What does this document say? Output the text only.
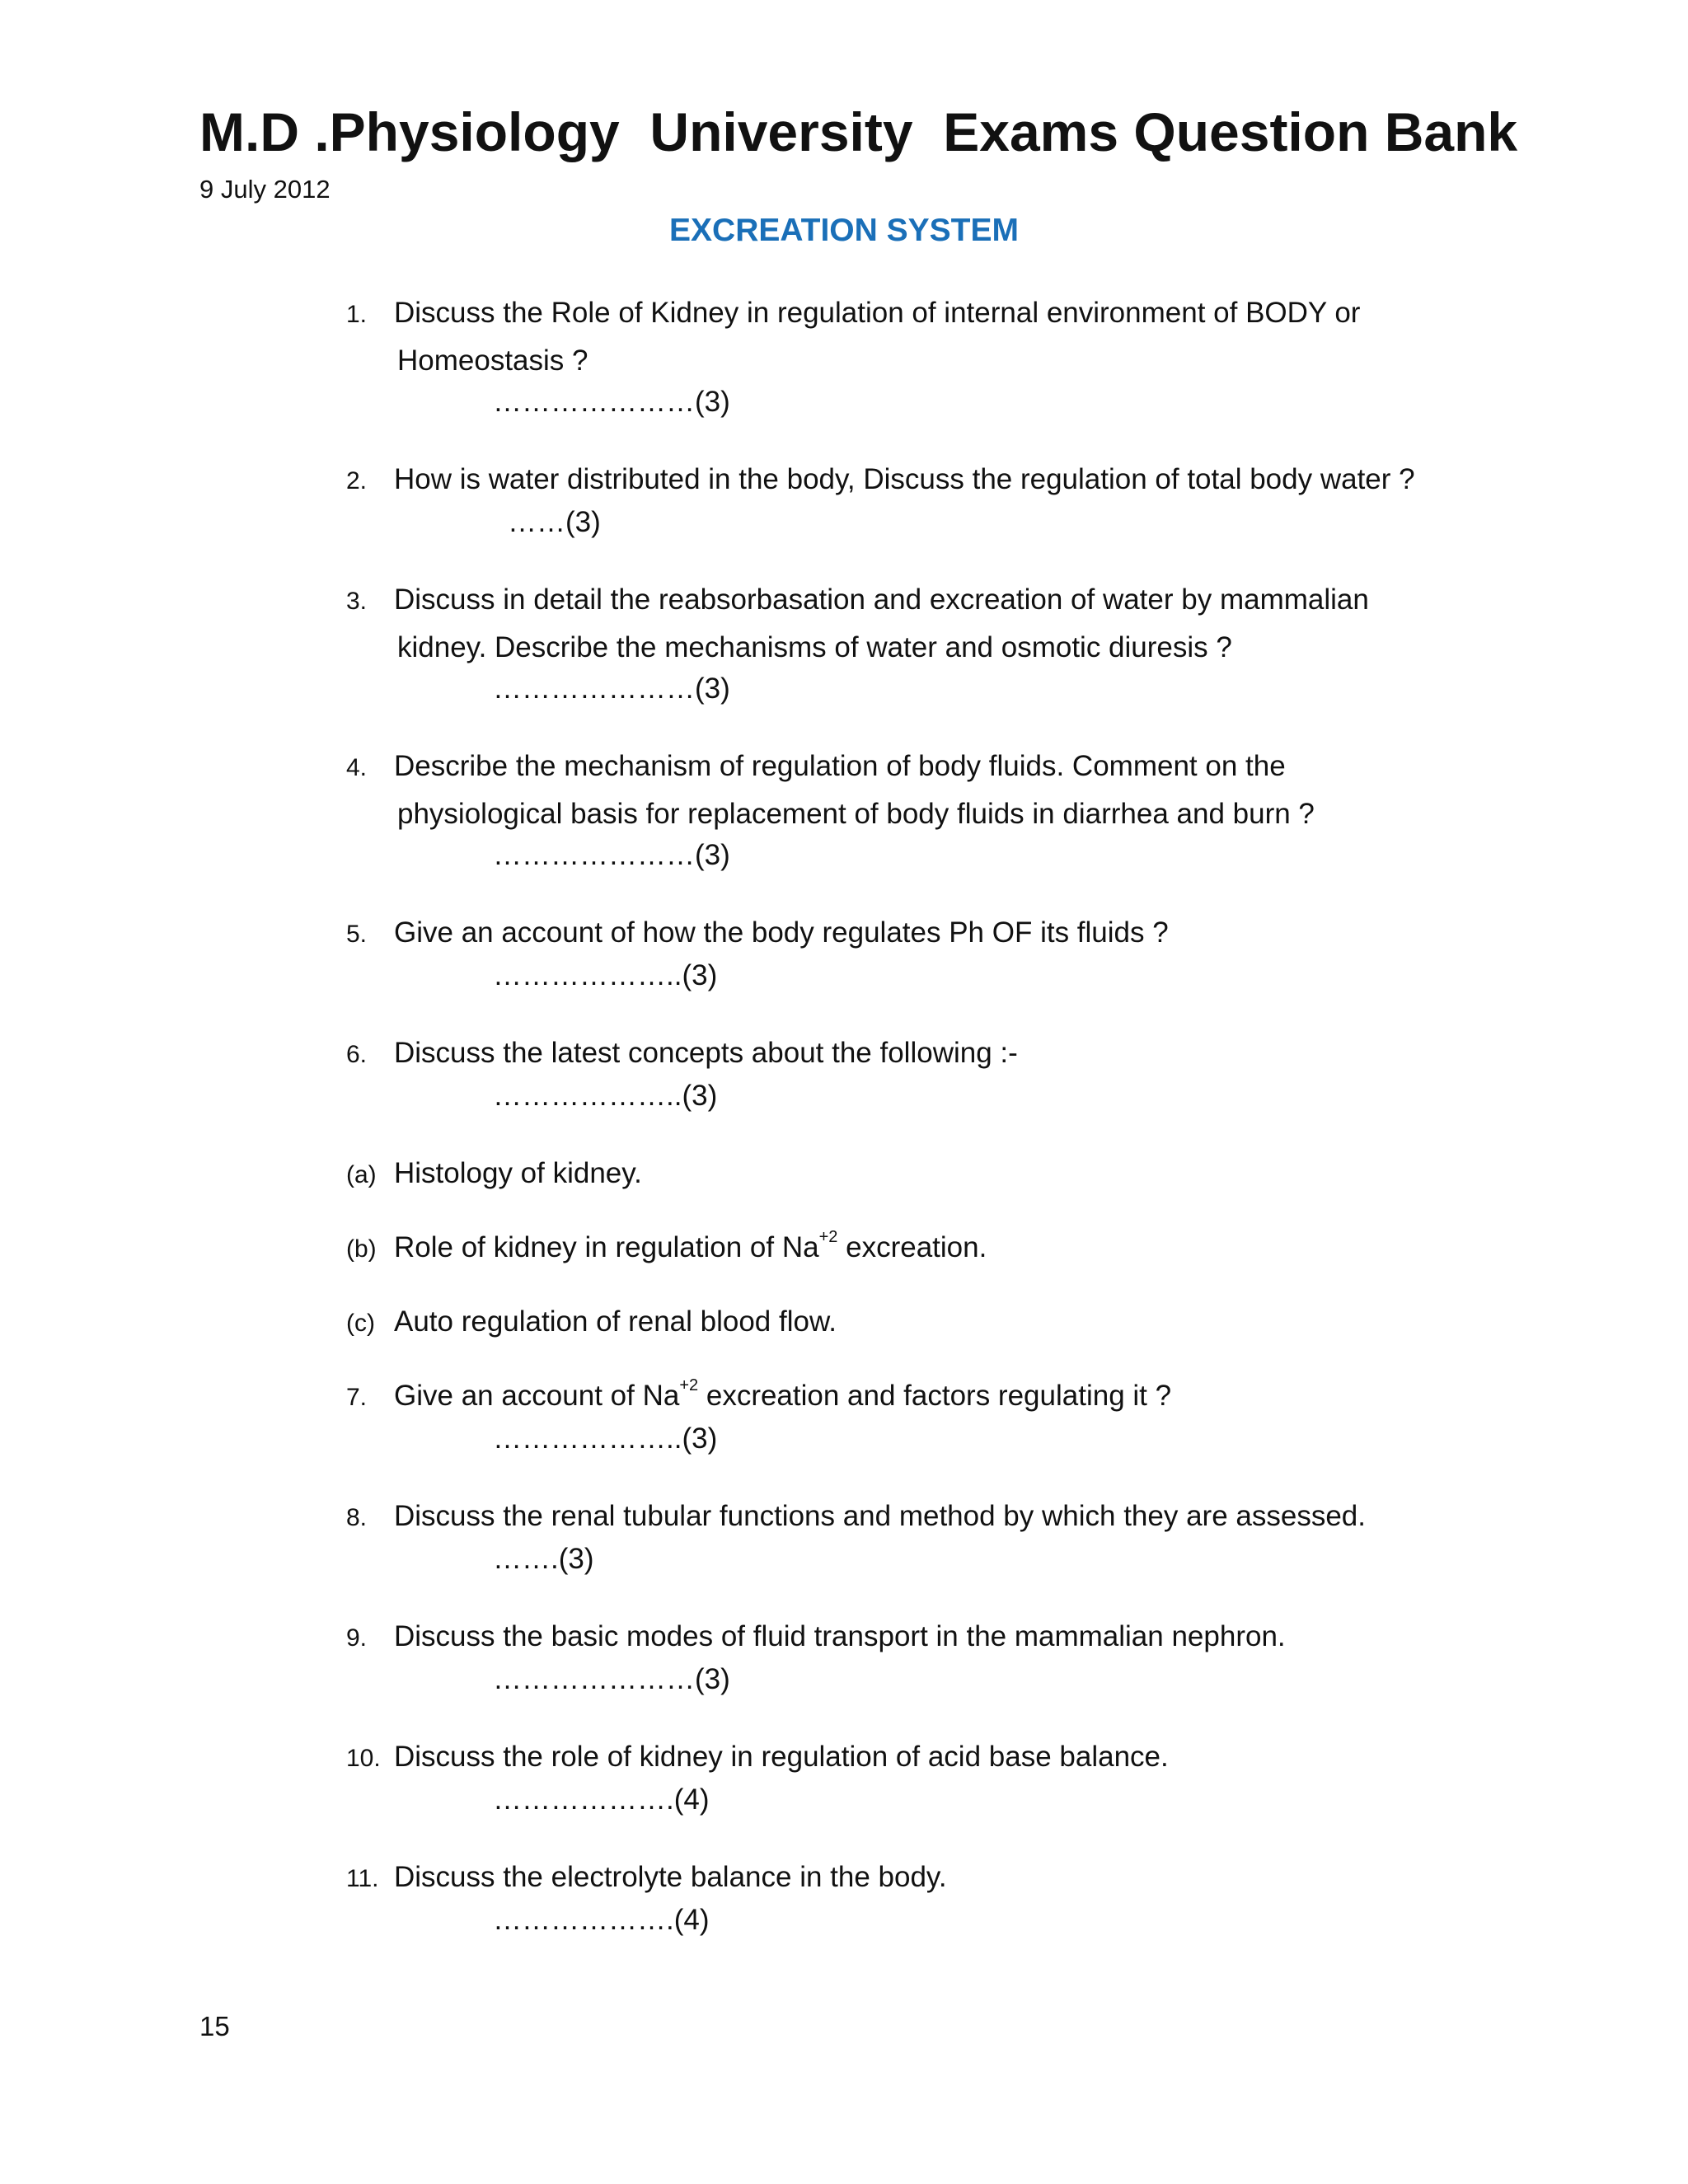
M.D .Physiology  University  Exams Question Bank
9 July 2012
EXCREATION SYSTEM
1. Discuss the Role of Kidney in regulation of internal environment of BODY or
Homeostasis ?
…………………(3)
2. How is water distributed in the body, Discuss the regulation of total body water ?
……(3)
3. Discuss in detail the reabsorbasation and excreation of water by mammalian
kidney. Describe the mechanisms of water and osmotic diuresis ?
…………………(3)
4. Describe the mechanism of regulation of body fluids. Comment on the
physiological basis for replacement of body fluids in diarrhea and burn ?
…………………(3)
5. Give an account of how the body regulates Ph OF its fluids ?
………………..(3)
6. Discuss the latest concepts about the following :-
………………..(3)
(a) Histology of kidney.
(b) Role of kidney in regulation of $Na^{+2}$ excreation.
(c) Auto regulation of renal blood flow.
7. Give an account of $Na^{+2}$ excreation and factors regulating it ?
………………..(3)
8. Discuss the renal tubular functions and method by which they are assessed.
…….(3)
9. Discuss the basic modes of fluid transport in the mammalian nephron.
…………………(3)
10. Discuss the role of kidney in regulation of acid base balance.
……………….(4)
11. Discuss the electrolyte balance in the body.
……………….(4)
15
